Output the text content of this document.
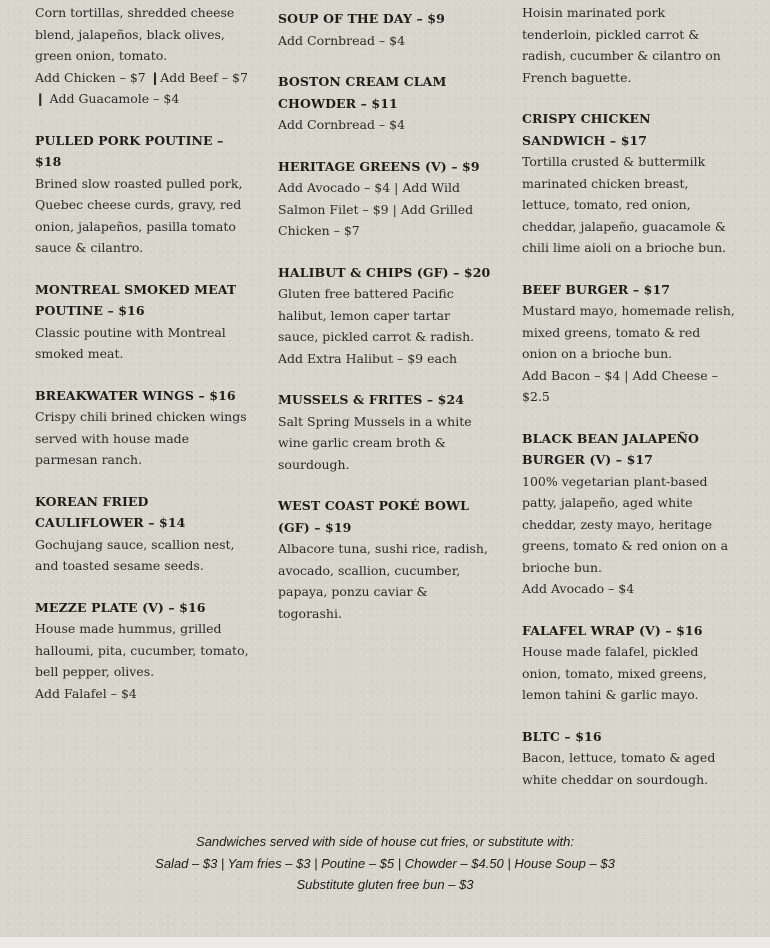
Corn tortillas, shredded cheese blend, jalapeños, black olives, green onion, tomato.

Add Chicken – $7 ❙Add Beef – $7 ❙ Add Guacamole – $4

PULLED PORK POUTINE – $18

Brined slow roasted pulled pork, Quebec cheese curds, gravy, red onion, jalapeños, pasilla tomato sauce & cilantro.

MONTREAL SMOKED MEAT POUTINE – $16

Classic poutine with Montreal smoked meat.

BREAKWATER WINGS – $16

Crispy chili brined chicken wings served with house made parmesan ranch.

KOREAN FRIED CAULIFLOWER – $14

Gochujang sauce, scallion nest, and toasted sesame seeds.

MEZZE PLATE (V) – $16

House made hummus, grilled halloumi, pita, cucumber, tomato, bell pepper, olives.

Add Falafel – $4

SOUP OF THE DAY – $9

Add Cornbread – $4

BOSTON CREAM CLAM CHOWDER – $11

Add Cornbread – $4

HERITAGE GREENS (V) – $9

Add Avocado – $4 | Add Wild Salmon Filet – $9 | Add Grilled Chicken – $7

HALIBUT & CHIPS (GF) – $20

Gluten free battered Pacific halibut, lemon caper tartar sauce, pickled carrot & radish.

Add Extra Halibut – $9 each

MUSSELS & FRITES – $24

Salt Spring Mussels in a white wine garlic cream broth & sourdough.

WEST COAST POKÉ BOWL (GF) – $19

Albacore tuna, sushi rice, radish, avocado, scallion, cucumber, papaya, ponzu caviar & togorashi.

Hoisin marinated pork tenderloin, pickled carrot & radish, cucumber & cilantro on French baguette.

CRISPY CHICKEN SANDWICH – $17

Tortilla crusted & buttermilk marinated chicken breast, lettuce, tomato, red onion, cheddar, jalapeño, guacamole & chili lime aioli on a brioche bun.

BEEF BURGER – $17

Mustard mayo, homemade relish, mixed greens, tomato & red onion on a brioche bun.

Add Bacon – $4 | Add Cheese – $2.5

BLACK BEAN JALAPEÑO BURGER (V) – $17

100% vegetarian plant-based patty, jalapeño, aged white cheddar, zesty mayo, heritage greens, tomato & red onion on a brioche bun.

Add Avocado – $4

FALAFEL WRAP (V) – $16

House made falafel, pickled onion, tomato, mixed greens, lemon tahini & garlic mayo.

BLTC – $16

Bacon, lettuce, tomato & aged white cheddar on sourdough.

Sandwiches served with side of house cut fries, or substitute with:

Salad – $3 | Yam fries – $3 | Poutine – $5 | Chowder – $4.50 | House Soup – $3

Substitute gluten free bun – $3
